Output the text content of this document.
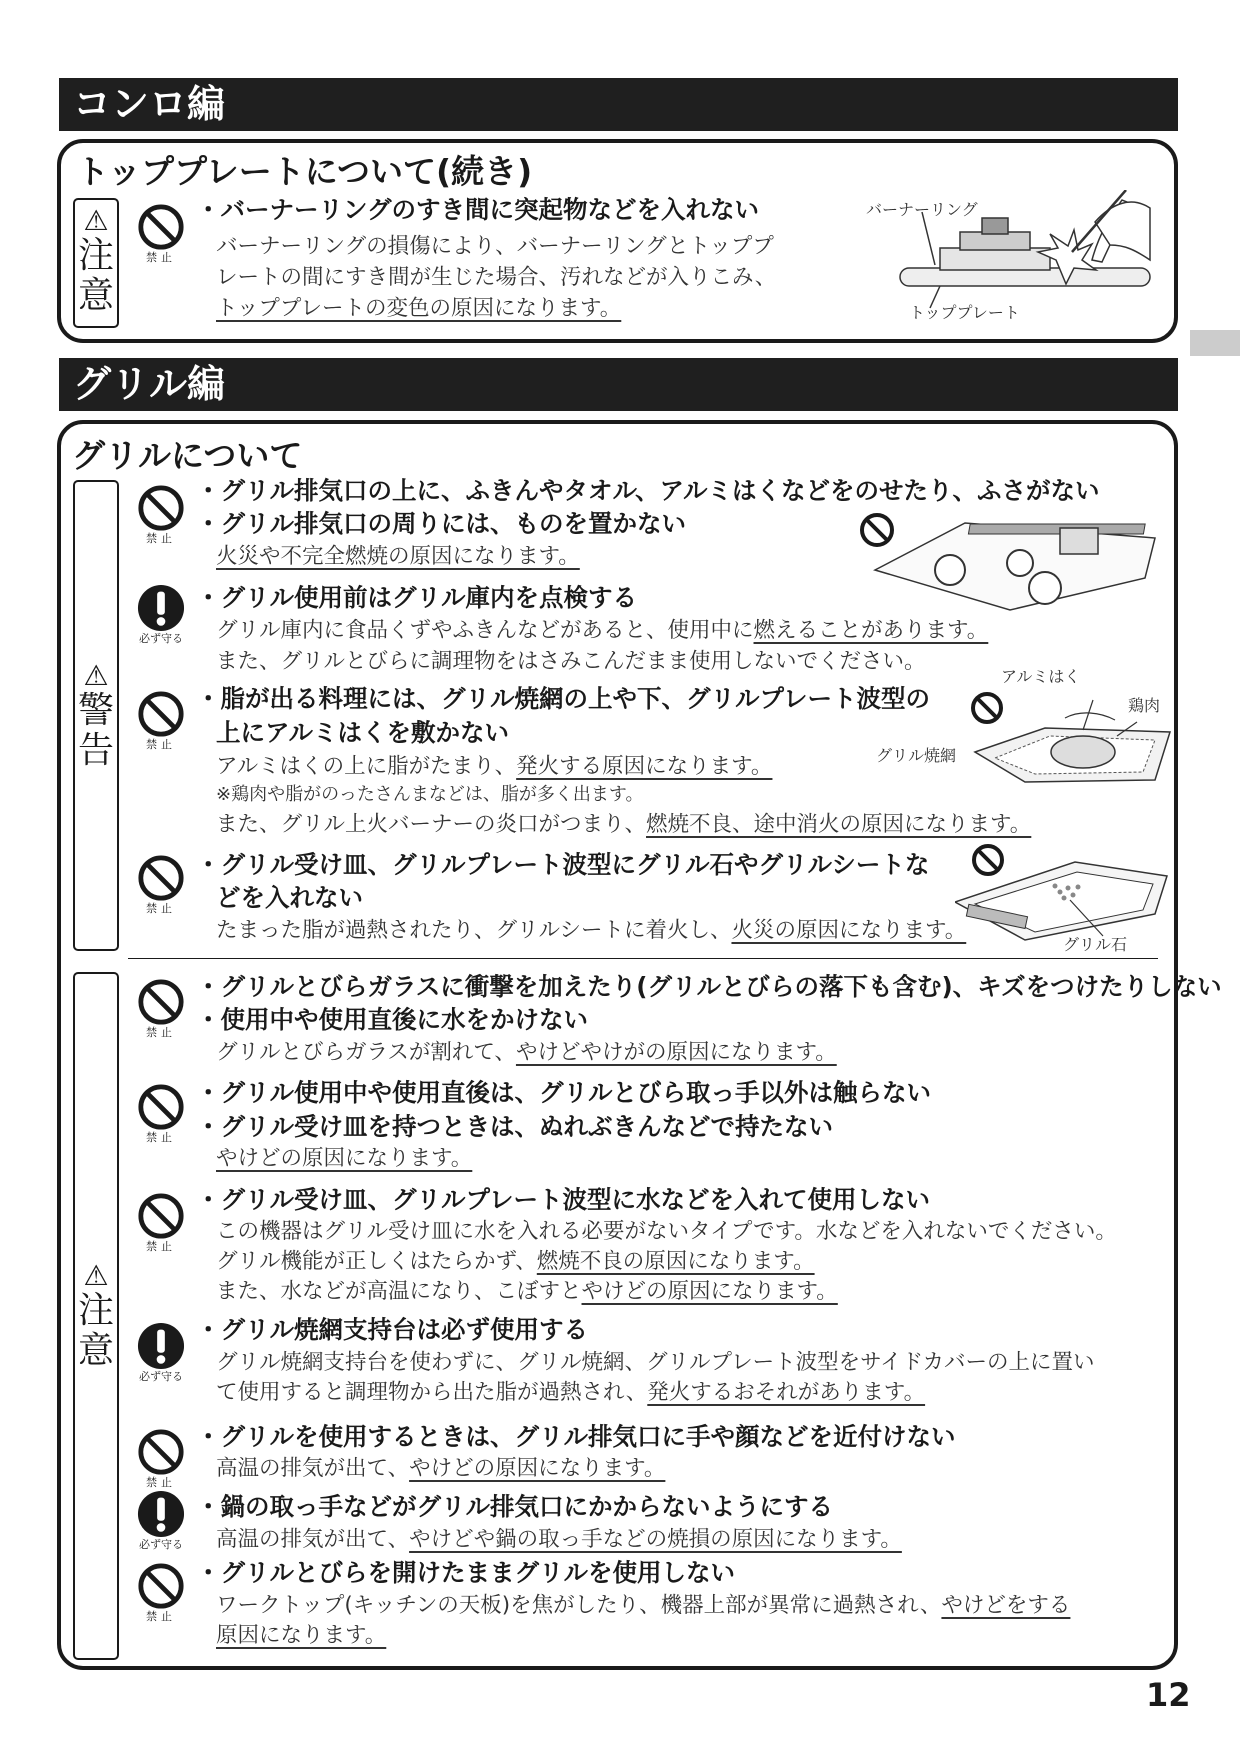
コンロ編
トッププレートについて(続き)
⚠
注
意
禁止
・バーナーリングのすき間に突起物などを入れない
バーナーリングの損傷により、バーナーリングとトッププ
レートの間にすき間が生じた場合、汚れなどが入りこみ、
トッププレートの変色の原因になります。
バーナーリング
トッププレート
グリル編
グリルについて
⚠
警
告
禁止
・グリル排気口の上に、ふきんやタオル、アルミはくなどをのせたり、ふさがない
・グリル排気口の周りには、ものを置かない
火災や不完全燃焼の原因になります。
必ず守る
・グリル使用前はグリル庫内を点検する
グリル庫内に食品くずやふきんなどがあると、使用中に燃えることがあります。
また、グリルとびらに調理物をはさみこんだまま使用しないでください。
禁止
・脂が出る料理には、グリル焼網の上や下、グリルプレート波型の
上にアルミはくを敷かない
アルミはくの上に脂がたまり、発火する原因になります。
※鶏肉や脂がのったさんまなどは、脂が多く出ます。
また、グリル上火バーナーの炎口がつまり、燃焼不良、途中消火の原因になります。
アルミはく
鶏肉
グリル焼網
禁止
・グリル受け皿、グリルプレート波型にグリル石やグリルシートな
どを入れない
たまった脂が過熱されたり、グリルシートに着火し、火災の原因になります。
グリル石
⚠
注
意
禁止
・グリルとびらガラスに衝撃を加えたり(グリルとびらの落下も含む)、キズをつけたりしない
・使用中や使用直後に水をかけない
グリルとびらガラスが割れて、やけどやけがの原因になります。
禁止
・グリル使用中や使用直後は、グリルとびら取っ手以外は触らない
・グリル受け皿を持つときは、ぬれぶきんなどで持たない
やけどの原因になります。
禁止
・グリル受け皿、グリルプレート波型に水などを入れて使用しない
この機器はグリル受け皿に水を入れる必要がないタイプです。水などを入れないでください。
グリル機能が正しくはたらかず、燃焼不良の原因になります。
また、水などが高温になり、こぼすとやけどの原因になります。
必ず守る
・グリル焼網支持台は必ず使用する
グリル焼網支持台を使わずに、グリル焼網、グリルプレート波型をサイドカバーの上に置い
て使用すると調理物から出た脂が過熱され、発火するおそれがあります。
禁止
・グリルを使用するときは、グリル排気口に手や顔などを近付けない
高温の排気が出て、やけどの原因になります。
必ず守る
・鍋の取っ手などがグリル排気口にかからないようにする
高温の排気が出て、やけどや鍋の取っ手などの焼損の原因になります。
禁止
・グリルとびらを開けたままグリルを使用しない
ワークトップ(キッチンの天板)を焦がしたり、機器上部が異常に過熱され、やけどをする
原因になります。
12
